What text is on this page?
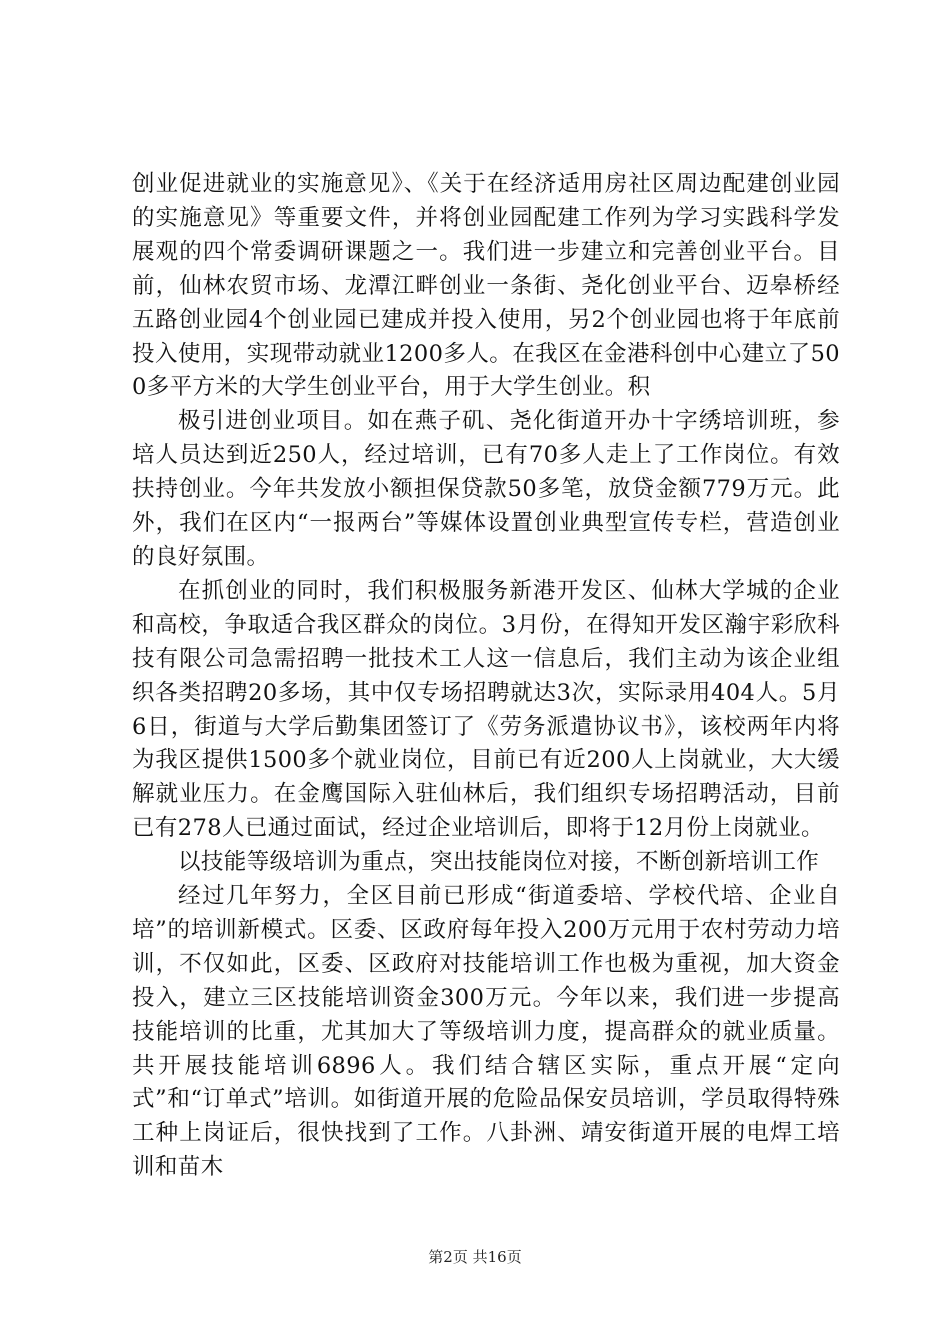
创业促进就业的实施意见》、《关于在经济适用房社区周边配建创业园的实施意见》等重要文件，并将创业园配建工作列为学习实践科学发展观的四个常委调研课题之一。我们进一步建立和完善创业平台。目前，仙林农贸市场、龙潭江畔创业一条街、尧化创业平台、迈皋桥经五路创业园4个创业园已建成并投入使用，另2个创业园也将于年底前投入使用，实现带动就业1200多人。在我区在金港科创中心建立了500多平方米的大学生创业平台，用于大学生创业。积

极引进创业项目。如在燕子矶、尧化街道开办十字绣培训班，参培人员达到近250人，经过培训，已有70多人走上了工作岗位。有效扶持创业。今年共发放小额担保贷款50多笔，放贷金额779万元。此外，我们在区内“一报两台”等媒体设置创业典型宣传专栏，营造创业的良好氛围。

在抓创业的同时，我们积极服务新港开发区、仙林大学城的企业和高校，争取适合我区群众的岗位。3月份，在得知开发区瀚宇彩欣科技有限公司急需招聘一批技术工人这一信息后，我们主动为该企业组织各类招聘20多场，其中仅专场招聘就达3次，实际录用404人。5月6日，街道与大学后勤集团签订了《劳务派遣协议书》，该校两年内将为我区提供1500多个就业岗位，目前已有近200人上岗就业，大大缓解就业压力。在金鹰国际入驻仙林后，我们组织专场招聘活动，目前已有278人已通过面试，经过企业培训后，即将于12月份上岗就业。

以技能等级培训为重点，突出技能岗位对接，不断创新培训工作

经过几年努力，全区目前已形成“街道委培、学校代培、企业自培”的培训新模式。区委、区政府每年投入200万元用于农村劳动力培训，不仅如此，区委、区政府对技能培训工作也极为重视，加大资金投入，建立三区技能培训资金300万元。今年以来，我们进一步提高技能培训的比重，尤其加大了等级培训力度，提高群众的就业质量。共开展技能培训6896人。我们结合辖区实际，重点开展“定向式”和“订单式”培训。如街道开展的危险品保安员培训，学员取得特殊工种上岗证后，很快找到了工作。八卦洲、靖安街道开展的电焊工培训和苗木

第2页 共16页
